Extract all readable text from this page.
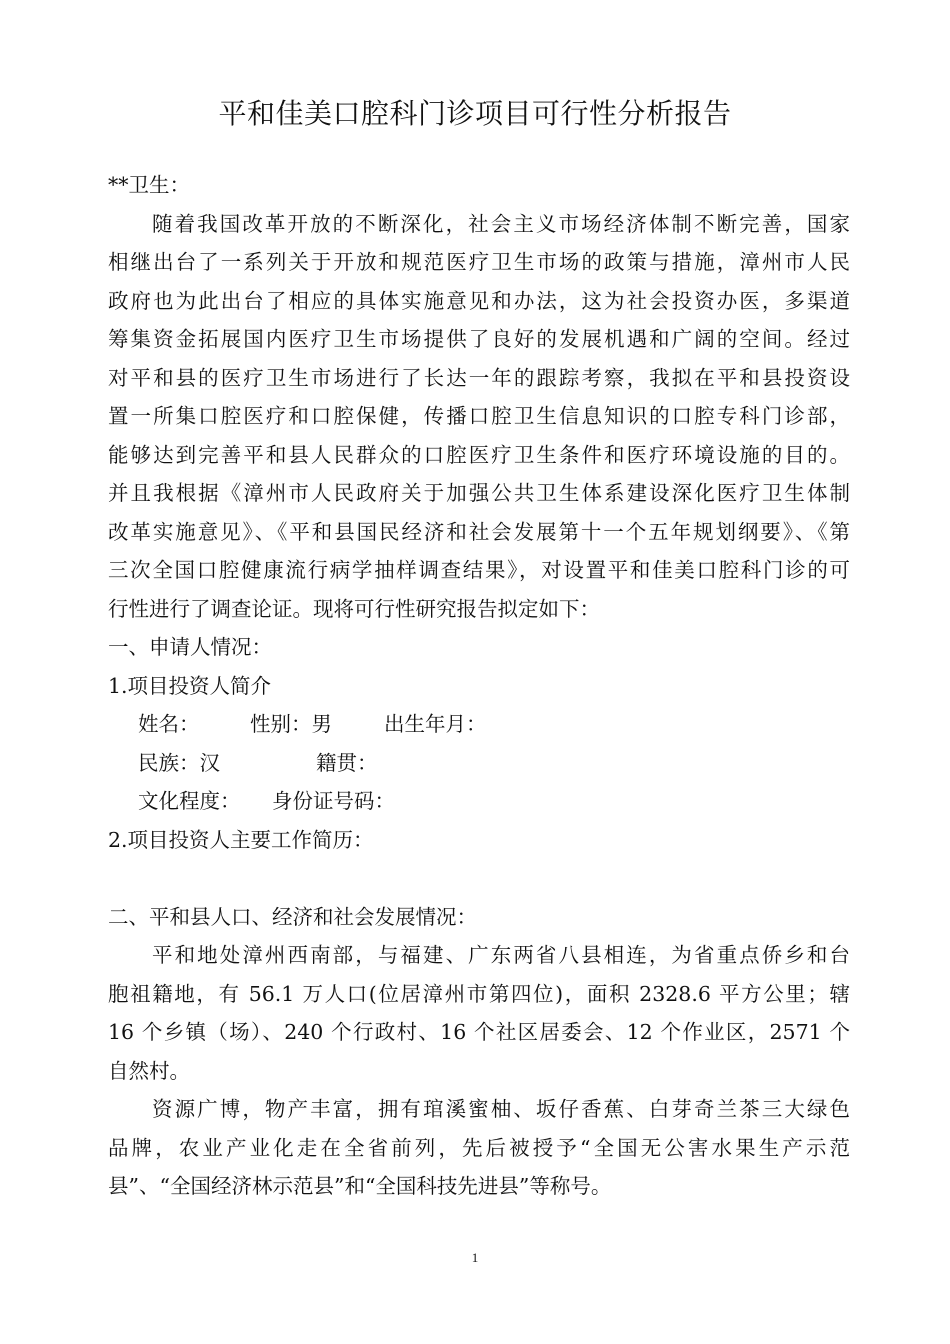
平和佳美口腔科门诊项目可行性分析报告
**卫生：
随着我国改革开放的不断深化，社会主义市场经济体制不断完善，国家
相继出台了一系列关于开放和规范医疗卫生市场的政策与措施，漳州市人民
政府也为此出台了相应的具体实施意见和办法，这为社会投资办医，多渠道
筹集资金拓展国内医疗卫生市场提供了良好的发展机遇和广阔的空间。经过
对平和县的医疗卫生市场进行了长达一年的跟踪考察，我拟在平和县投资设
置一所集口腔医疗和口腔保健，传播口腔卫生信息知识的口腔专科门诊部，
能够达到完善平和县人民群众的口腔医疗卫生条件和医疗环境设施的目的。
并且我根据《漳州市人民政府关于加强公共卫生体系建设深化医疗卫生体制
改革实施意见》、《平和县国民经济和社会发展第十一个五年规划纲要》、《第
三次全国口腔健康流行病学抽样调查结果》，对设置平和佳美口腔科门诊的可
行性进行了调查论证。现将可行性研究报告拟定如下：
一、申请人情况：
1.项目投资人简介
姓名： 性别：男	出生年月：
民族：汉	籍贯：
文化程度： 身份证号码：
2.项目投资人主要工作简历：
二、平和县人口、经济和社会发展情况：
平和地处漳州西南部，与福建、广东两省八县相连，为省重点侨乡和台
胞祖籍地，有 56.1 万人口(位居漳州市第四位)，面积 2328.6 平方公里；辖
16 个乡镇（场）、240 个行政村、16 个社区居委会、12 个作业区，2571 个
自然村。
资源广博，物产丰富，拥有琯溪蜜柚、坂仔香蕉、白芽奇兰茶三大绿色
品牌，农业产业化走在全省前列，先后被授予“全国无公害水果生产示范
县”、“全国经济林示范县”和“全国科技先进县”等称号。
1
